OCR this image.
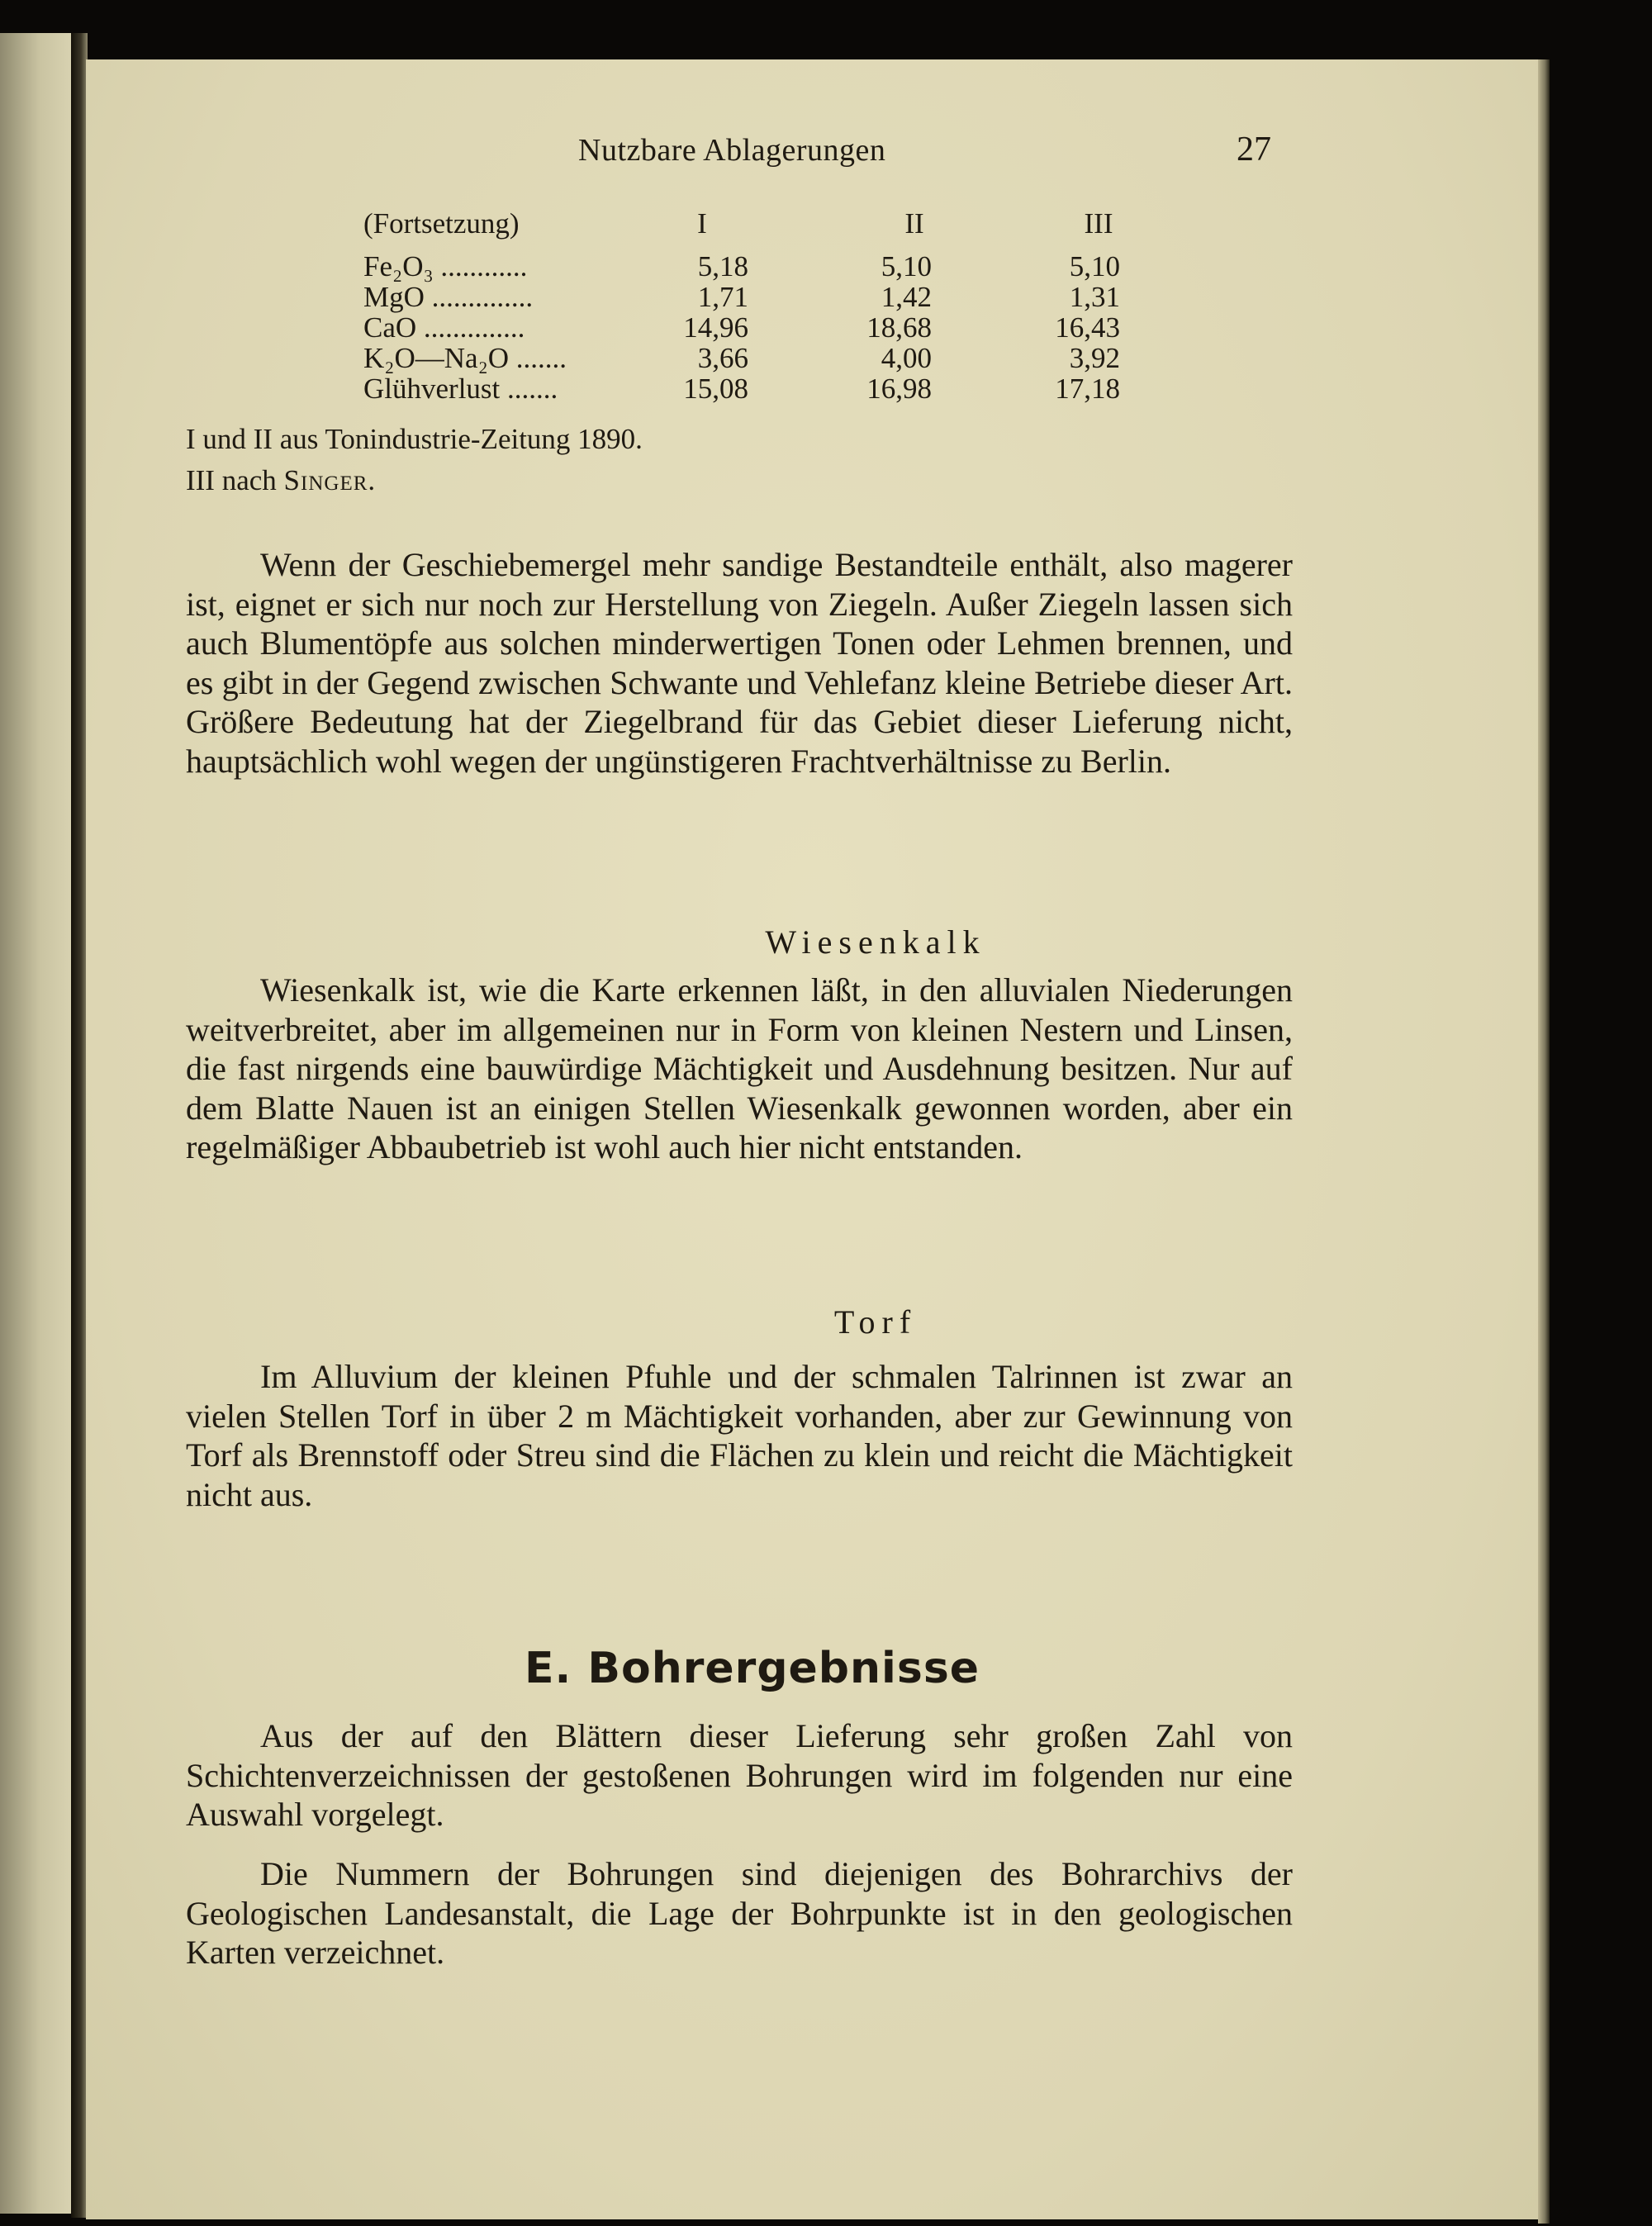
Nutzbare Ablagerungen	27
(Fortsetzung)	I	II	III
Fe₂O₃ ............	5,18	5,10	5,10
MgO ..............	1,71	1,42	1,31
CaO ..............	14,96	18,68	16,43
K₂O—Na₂O .......	3,66	4,00	3,92
Glühverlust .......	15,08	16,98	17,18
I und II aus Tonindustrie-Zeitung 1890.
III nach Singer.

Wenn der Geschiebemergel mehr sandige Bestandteile enthält, also magerer ist, eignet er sich nur noch zur Herstellung von Ziegeln. Außer Ziegeln lassen sich auch Blumentöpfe aus solchen minderwertigen Tonen oder Lehmen brennen, und es gibt in der Gegend zwischen Schwante und Vehlefanz kleine Betriebe dieser Art. Größere Bedeutung hat der Ziegelbrand für das Gebiet dieser Lieferung nicht, hauptsächlich wohl wegen der ungünstigeren Frachtverhältnisse zu Berlin.

Wiesenkalk

Wiesenkalk ist, wie die Karte erkennen läßt, in den alluvialen Niederungen weitverbreitet, aber im allgemeinen nur in Form von kleinen Nestern und Linsen, die fast nirgends eine bauwürdige Mächtigkeit und Ausdehnung besitzen. Nur auf dem Blatte Nauen ist an einigen Stellen Wiesenkalk gewonnen worden, aber ein regelmäßiger Abbaubetrieb ist wohl auch hier nicht entstanden.

Torf

Im Alluvium der kleinen Pfuhle und der schmalen Talrinnen ist zwar an vielen Stellen Torf in über 2 m Mächtigkeit vorhanden, aber zur Gewinnung von Torf als Brennstoff oder Streu sind die Flächen zu klein und reicht die Mächtigkeit nicht aus.

E. Bohrergebnisse

Aus der auf den Blättern dieser Lieferung sehr großen Zahl von Schichtenverzeichnissen der gestoßenen Bohrungen wird im folgenden nur eine Auswahl vorgelegt.

Die Nummern der Bohrungen sind diejenigen des Bohrarchivs der Geologischen Landesanstalt, die Lage der Bohrpunkte ist in den geologischen Karten verzeichnet.
